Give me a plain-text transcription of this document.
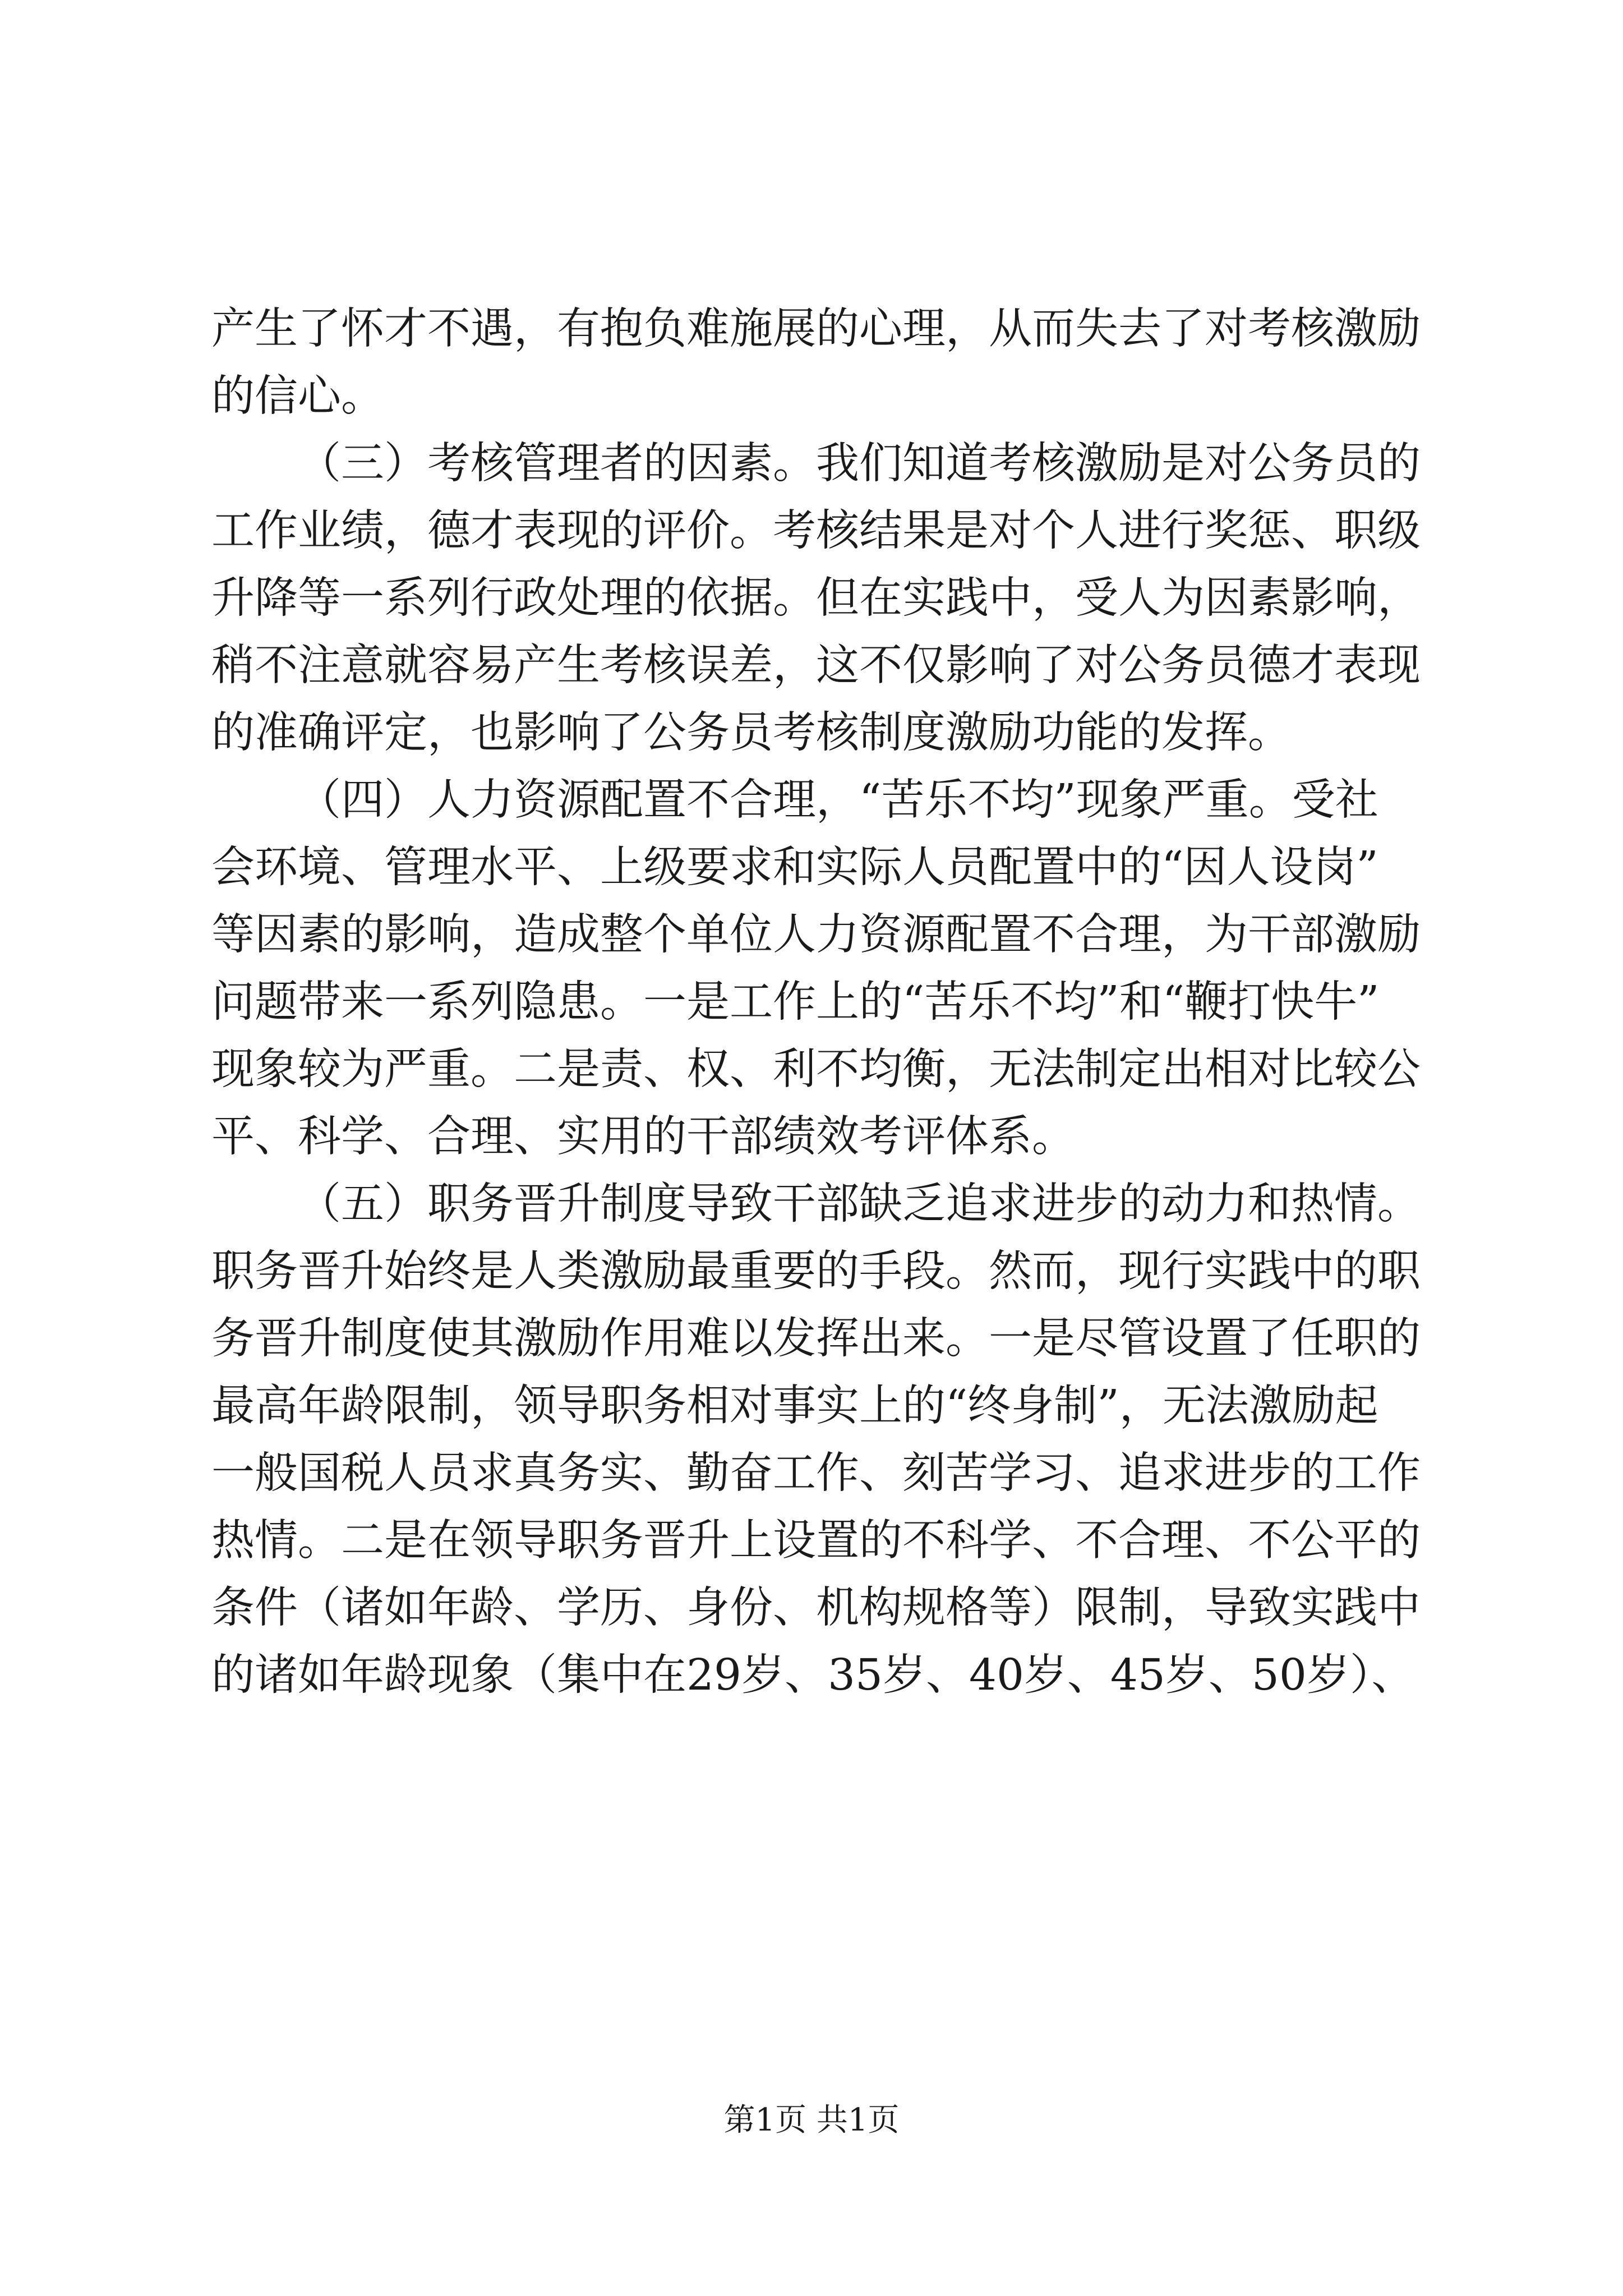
产生了怀才不遇，有抱负难施展的心理，从而失去了对考核激励
的信心。
（三）考核管理者的因素。我们知道考核激励是对公务员的
工作业绩，德才表现的评价。考核结果是对个人进行奖惩、职级
升降等一系列行政处理的依据。但在实践中，受人为因素影响，
稍不注意就容易产生考核误差，这不仅影响了对公务员德才表现
的准确评定，也影响了公务员考核制度激励功能的发挥。
（四）人力资源配置不合理，“苦乐不均”现象严重。受社
会环境、管理水平、上级要求和实际人员配置中的“因人设岗”
等因素的影响，造成整个单位人力资源配置不合理，为干部激励
问题带来一系列隐患。一是工作上的“苦乐不均”和“鞭打快牛”
现象较为严重。二是责、权、利不均衡，无法制定出相对比较公
平、科学、合理、实用的干部绩效考评体系。
（五）职务晋升制度导致干部缺乏追求进步的动力和热情。
职务晋升始终是人类激励最重要的手段。然而，现行实践中的职
务晋升制度使其激励作用难以发挥出来。一是尽管设置了任职的
最高年龄限制，领导职务相对事实上的“终身制”，无法激励起
一般国税人员求真务实、勤奋工作、刻苦学习、追求进步的工作
热情。二是在领导职务晋升上设置的不科学、不合理、不公平的
条件（诸如年龄、学历、身份、机构规格等）限制，导致实践中
的诸如年龄现象（集中在29岁、35岁、40岁、45岁、50岁）、
第1页 共1页
